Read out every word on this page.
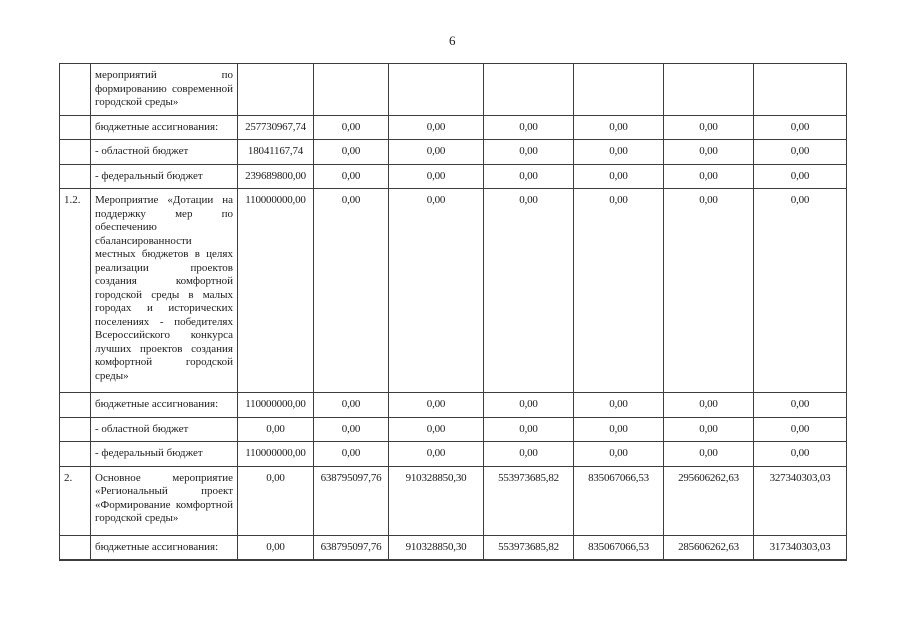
6
	мероприятий по формированию современной городской среды»							
	бюджетные ассигнования:	257730967,74	0,00	0,00	0,00	0,00	0,00	0,00
	- областной бюджет	18041167,74	0,00	0,00	0,00	0,00	0,00	0,00
	- федеральный бюджет	239689800,00	0,00	0,00	0,00	0,00	0,00	0,00
1.2.	Мероприятие «Дотации на поддержку мер по обеспечению сбалансированности местных бюджетов в целях реализации проектов создания комфортной городской среды в малых городах и исторических поселениях - победителях Всероссийского конкурса лучших проектов создания комфортной городской среды»	110000000,00	0,00	0,00	0,00	0,00	0,00	0,00
	бюджетные ассигнования:	110000000,00	0,00	0,00	0,00	0,00	0,00	0,00
	- областной бюджет	0,00	0,00	0,00	0,00	0,00	0,00	0,00
	- федеральный бюджет	110000000,00	0,00	0,00	0,00	0,00	0,00	0,00
2.	Основное мероприятие «Региональный проект «Формирование комфортной городской среды»	0,00	638795097,76	910328850,30	553973685,82	835067066,53	295606262,63	327340303,03
	бюджетные ассигнования:	0,00	638795097,76	910328850,30	553973685,82	835067066,53	285606262,63	317340303,03
